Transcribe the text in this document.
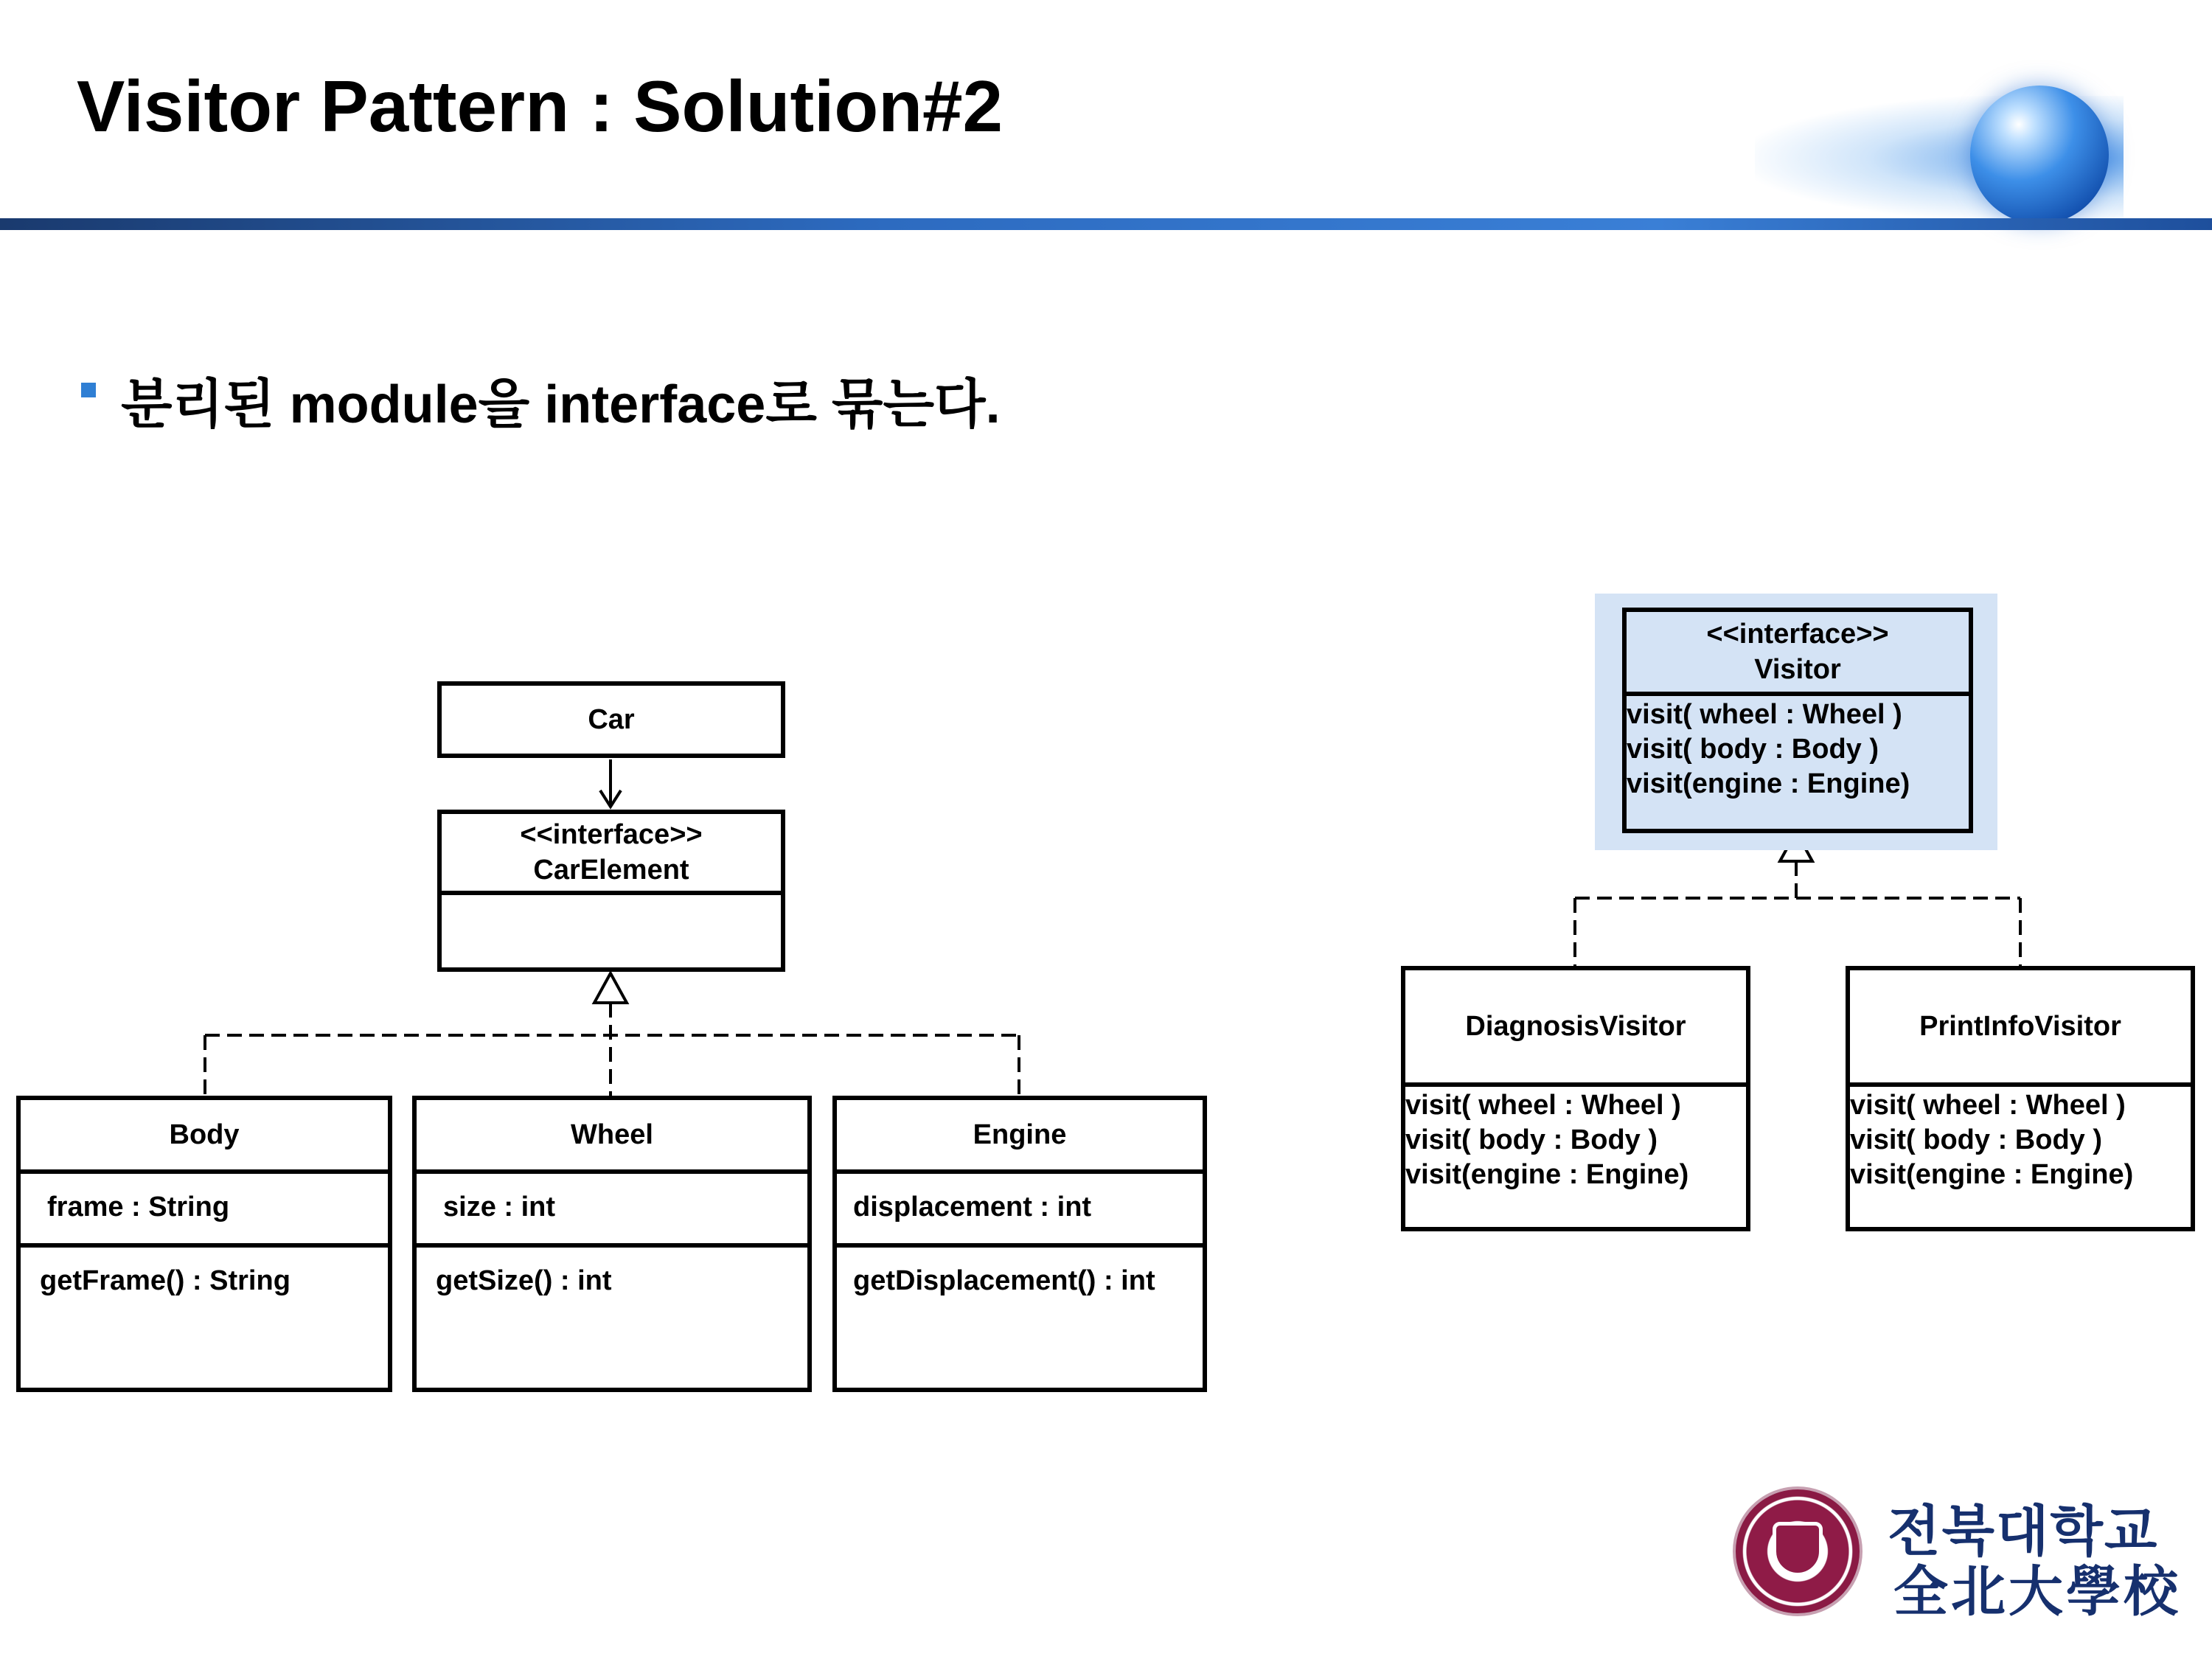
Visitor Pattern : Solution#2
분리된 module을 interface로 묶는다.
Car
<<interface>>
CarElement
Body
frame : String
getFrame() : String
Wheel
size : int
getSize() : int
Engine
displacement : int
getDisplacement() : int
<<interface>>
Visitor
visit( wheel : Wheel )
visit( body : Body )
visit(engine : Engine)
DiagnosisVisitor
visit( wheel : Wheel )
visit( body : Body )
visit(engine : Engine)
PrintInfoVisitor
visit( wheel : Wheel )
visit( body : Body )
visit(engine : Engine)
전북대학교
全北大學校
